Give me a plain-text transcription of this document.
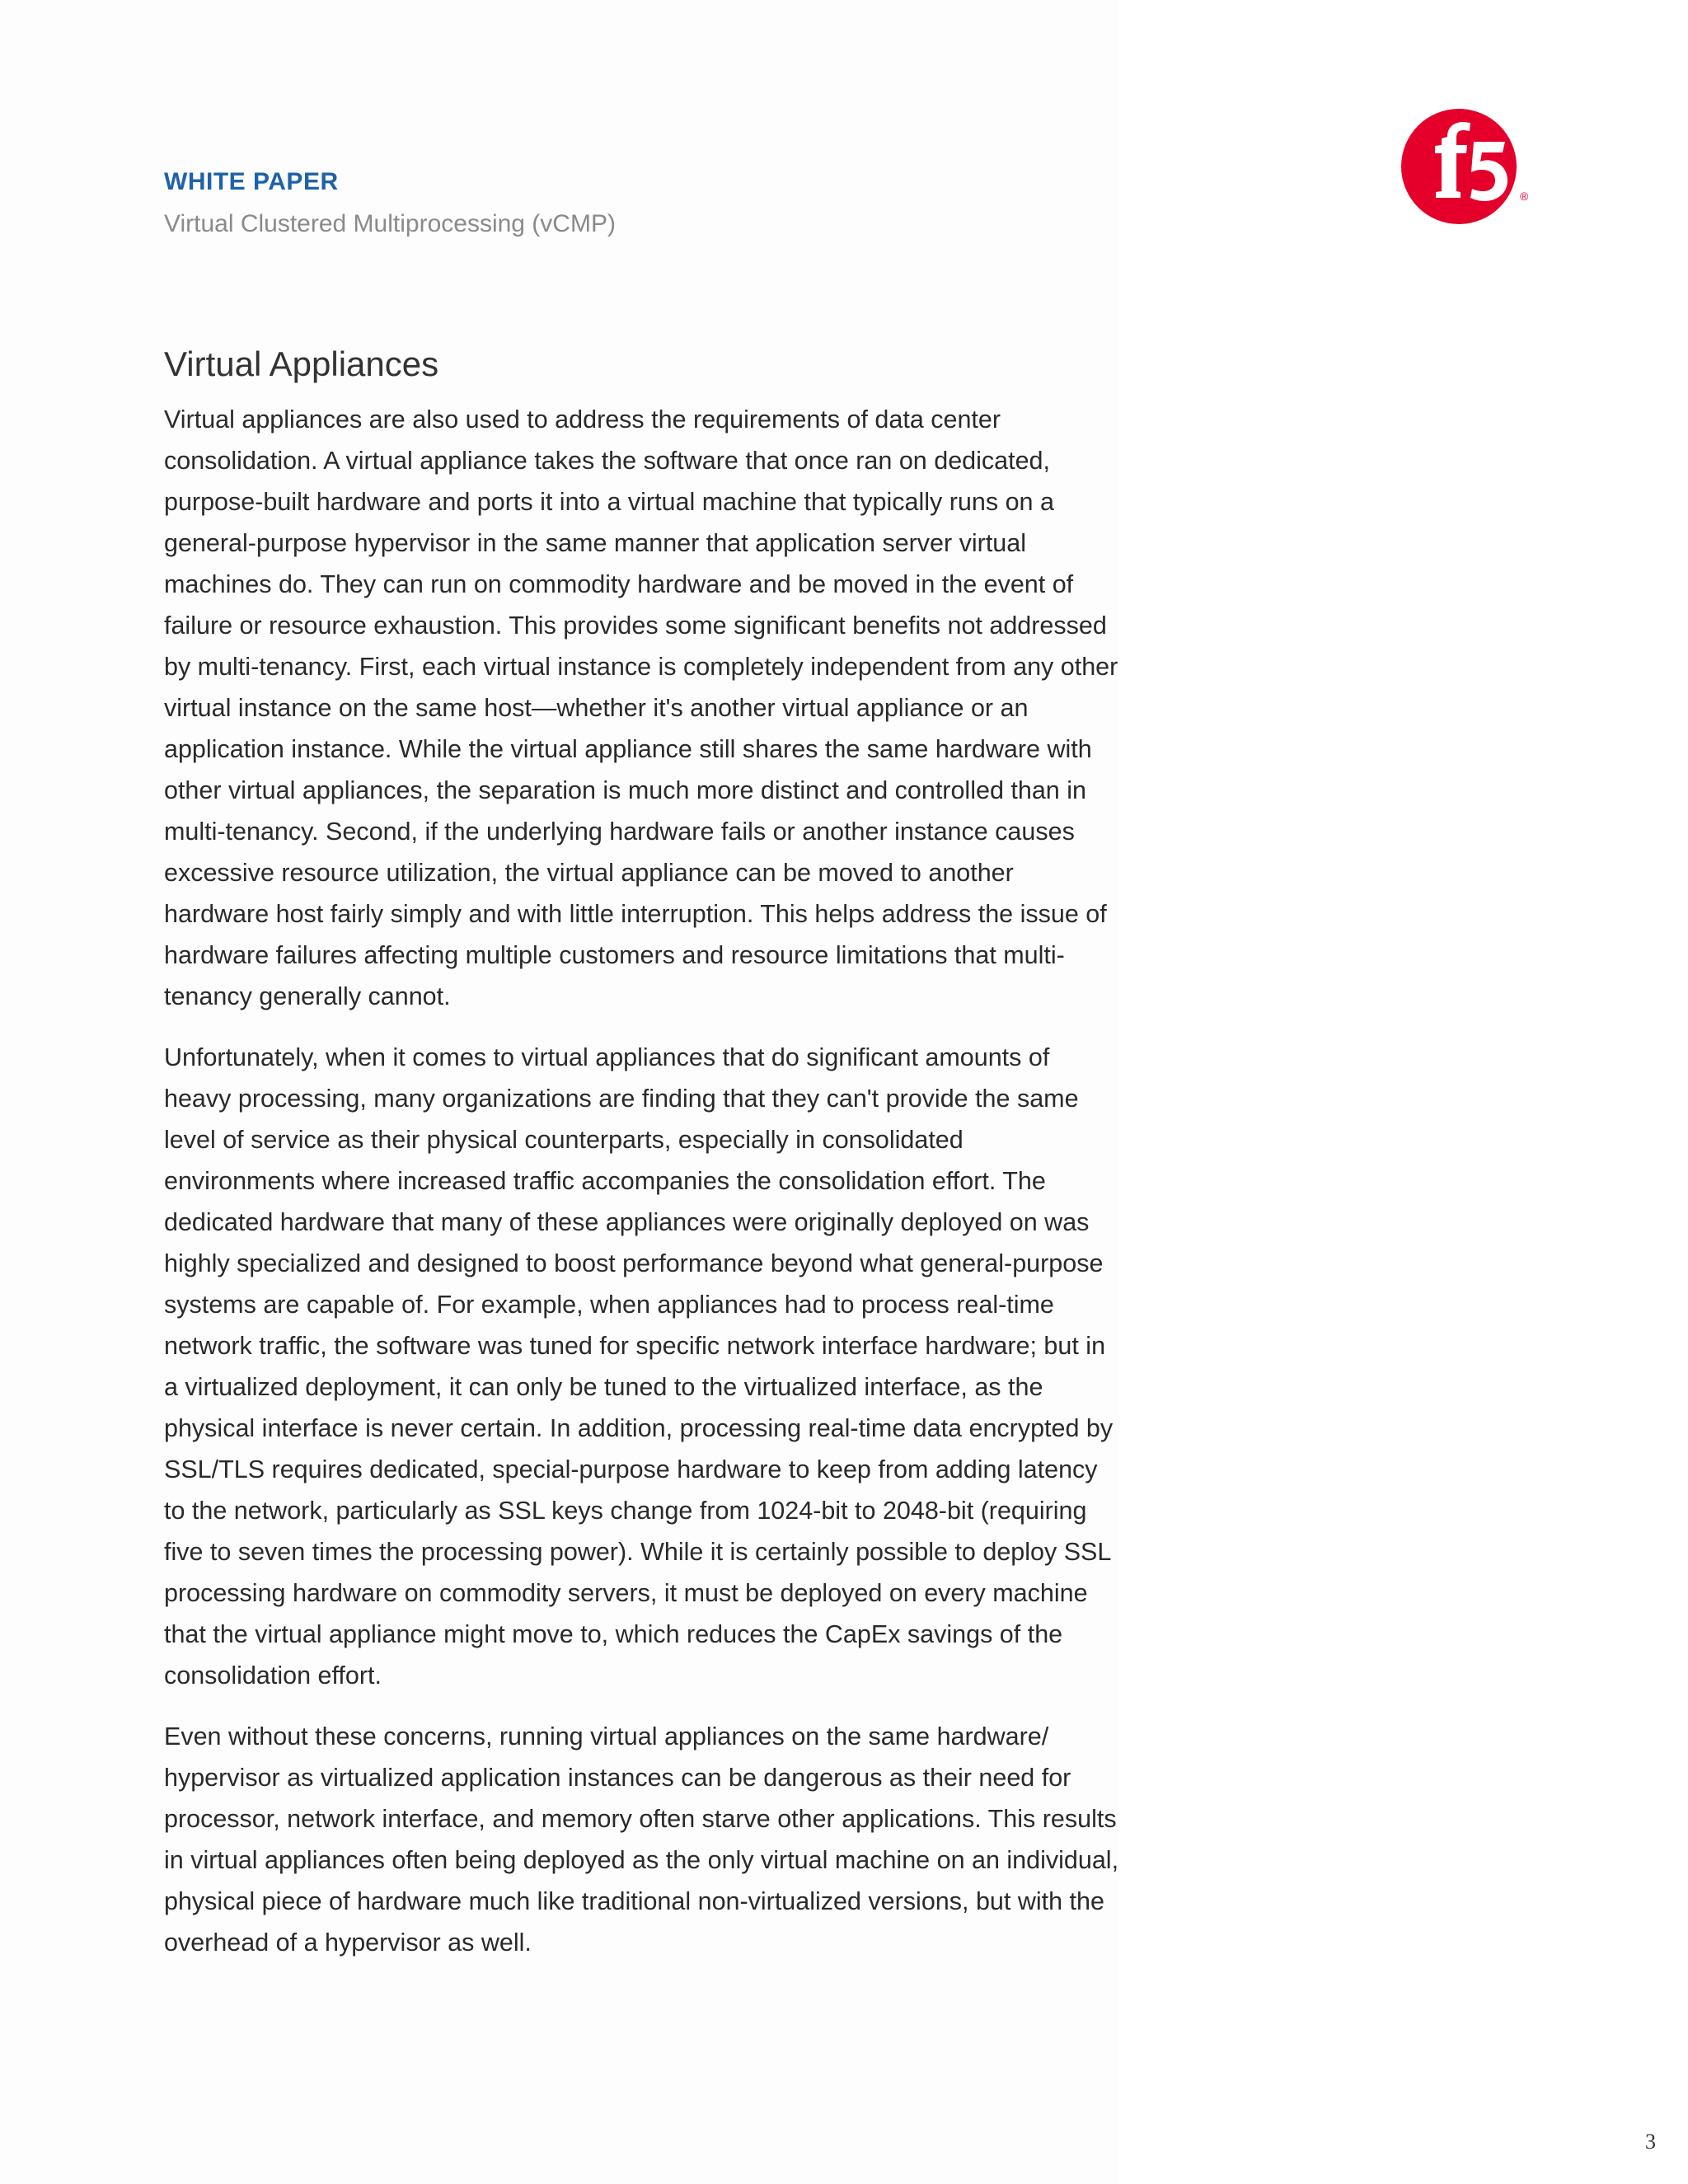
WHITE PAPER
Virtual Clustered Multiprocessing (vCMP)
®
Virtual Appliances

Virtual appliances are also used to address the requirements of data center consolidation. A virtual appliance takes the software that once ran on dedicated, purpose-built hardware and ports it into a virtual machine that typically runs on a general-purpose hypervisor in the same manner that application server virtual machines do. They can run on commodity hardware and be moved in the event of failure or resource exhaustion. This provides some significant benefits not addressed by multi-tenancy. First, each virtual instance is completely independent from any other virtual instance on the same host—whether it's another virtual appliance or an application instance. While the virtual appliance still shares the same hardware with other virtual appliances, the separation is much more distinct and controlled than in multi-tenancy. Second, if the underlying hardware fails or another instance causes excessive resource utilization, the virtual appliance can be moved to another hardware host fairly simply and with little interruption. This helps address the issue of hardware failures affecting multiple customers and resource limitations that multi-tenancy generally cannot.

Unfortunately, when it comes to virtual appliances that do significant amounts of heavy processing, many organizations are finding that they can't provide the same level of service as their physical counterparts, especially in consolidated environments where increased traffic accompanies the consolidation effort. The dedicated hardware that many of these appliances were originally deployed on was highly specialized and designed to boost performance beyond what general-purpose systems are capable of. For example, when appliances had to process real-time network traffic, the software was tuned for specific network interface hardware; but in a virtualized deployment, it can only be tuned to the virtualized interface, as the physical interface is never certain. In addition, processing real-time data encrypted by SSL/TLS requires dedicated, special-purpose hardware to keep from adding latency to the network, particularly as SSL keys change from 1024-bit to 2048-bit (requiring five to seven times the processing power). While it is certainly possible to deploy SSL processing hardware on commodity servers, it must be deployed on every machine that the virtual appliance might move to, which reduces the CapEx savings of the consolidation effort.

Even without these concerns, running virtual appliances on the same hardware/ hypervisor as virtualized application instances can be dangerous as their need for processor, network interface, and memory often starve other applications. This results in virtual appliances often being deployed as the only virtual machine on an individual, physical piece of hardware much like traditional non-virtualized versions, but with the overhead of a hypervisor as well.

3
